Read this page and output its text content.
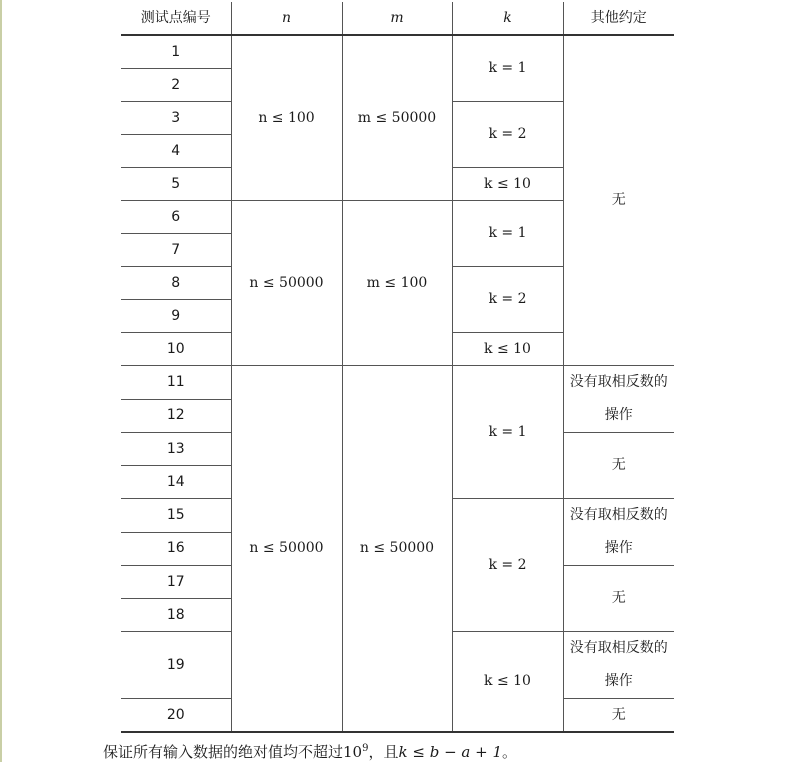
测试点编号	n	m	k	其他约定
1	n ≤ 100	m ≤ 50000	k = 1	无
2				
3			k = 2	
4				
5			k ≤ 10	
6	n ≤ 50000	m ≤ 100	k = 1	
7				
8			k = 2	
9				
10			k ≤ 10	
11	n ≤ 50000	n ≤ 50000	k = 1	没有取相反数的操作
12				
13				无
14				
15			k = 2	没有取相反数的操作
16				
17				无
18				
19			k ≤ 10	没有取相反数的操作
20				无
保证所有输入数据的绝对值均不超过$10^9$，且k ≤ b − a + 1。
